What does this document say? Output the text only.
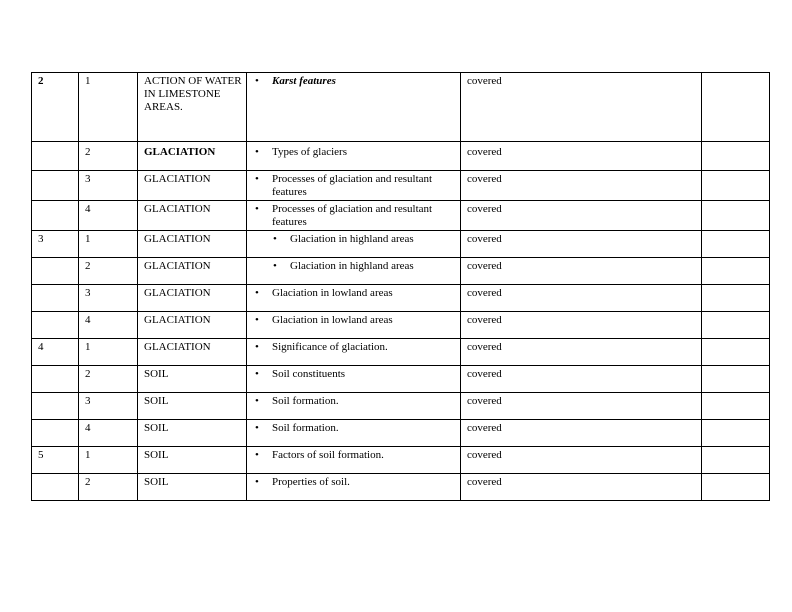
2	1	ACTION OF WATER IN LIMESTONE AREAS.	• Karst features	covered	
	2	GLACIATION	• Types of glaciers	covered	
	3	GLACIATION	• Processes of glaciation and resultant features	covered	
	4	GLACIATION	• Processes of glaciation and resultant features	covered	
3	1	GLACIATION	• Glaciation in highland areas	covered	
	2	GLACIATION	• Glaciation in highland areas	covered	
	3	GLACIATION	• Glaciation in lowland areas	covered	
	4	GLACIATION	• Glaciation in lowland areas	covered	
4	1	GLACIATION	• Significance of glaciation.	covered	
	2	SOIL	• Soil constituents	covered	
	3	SOIL	• Soil formation.	covered	
	4	SOIL	• Soil formation.	covered	
5	1	SOIL	• Factors of soil formation.	covered	
	2	SOIL	• Properties of soil.	covered	
